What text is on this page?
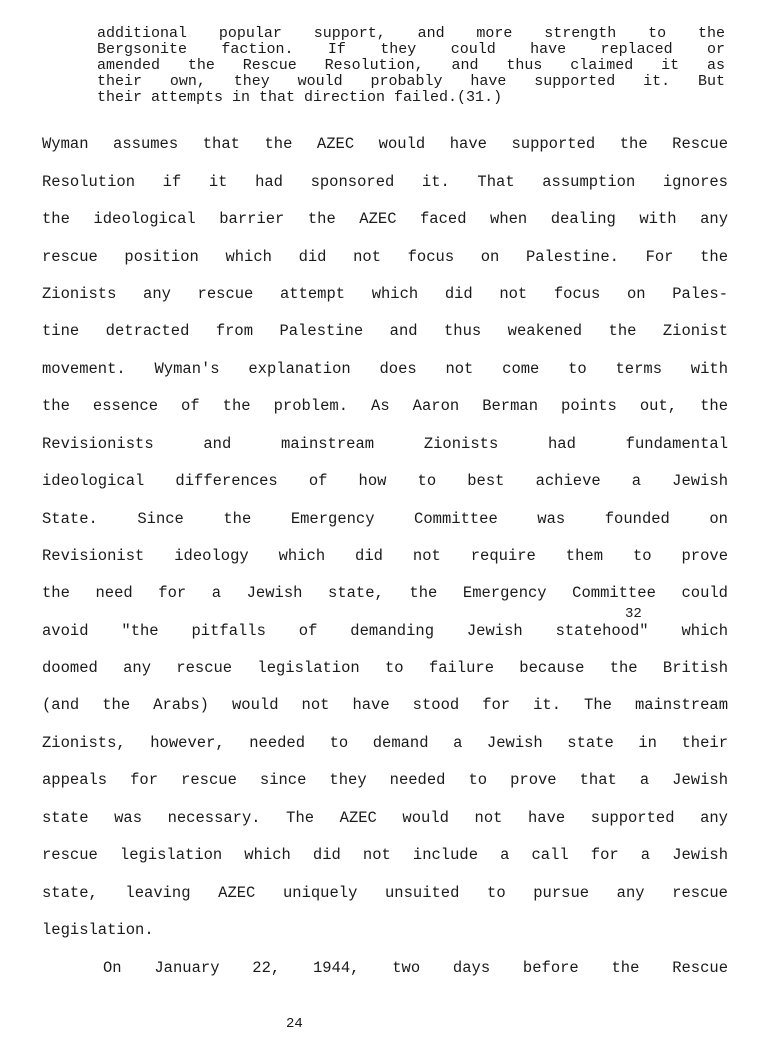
additional popular support, and more strength to the
Bergsonite faction. If they could have replaced or
amended the Rescue Resolution, and thus claimed it as
their own, they would probably have supported it. But
their attempts in that direction failed.(31.)
Wyman assumes that the AZEC would have supported the Rescue
Resolution if it had sponsored it. That assumption ignores
the ideological barrier the AZEC faced when dealing with any
rescue position which did not focus on Palestine. For the
Zionists any rescue attempt which did not focus on Pales-
tine detracted from Palestine and thus weakened the Zionist
movement. Wyman's explanation does not come to terms with
the essence of the problem. As Aaron Berman points out, the
Revisionists and mainstream Zionists had fundamental
ideological differences of how to best achieve a Jewish
State. Since the Emergency Committee was founded on
Revisionist ideology which did not require them to prove
the need for a Jewish state, the Emergency Committee could
32
avoid "the pitfalls of demanding Jewish statehood" which
doomed any rescue legislation to failure because the British
(and the Arabs) would not have stood for it. The mainstream
Zionists, however, needed to demand a Jewish state in their
appeals for rescue since they needed to prove that a Jewish
state was necessary. The AZEC would not have supported any
rescue legislation which did not include a call for a Jewish
state, leaving AZEC uniquely unsuited to pursue any rescue
legislation.
On January 22, 1944, two days before the Rescue
24
